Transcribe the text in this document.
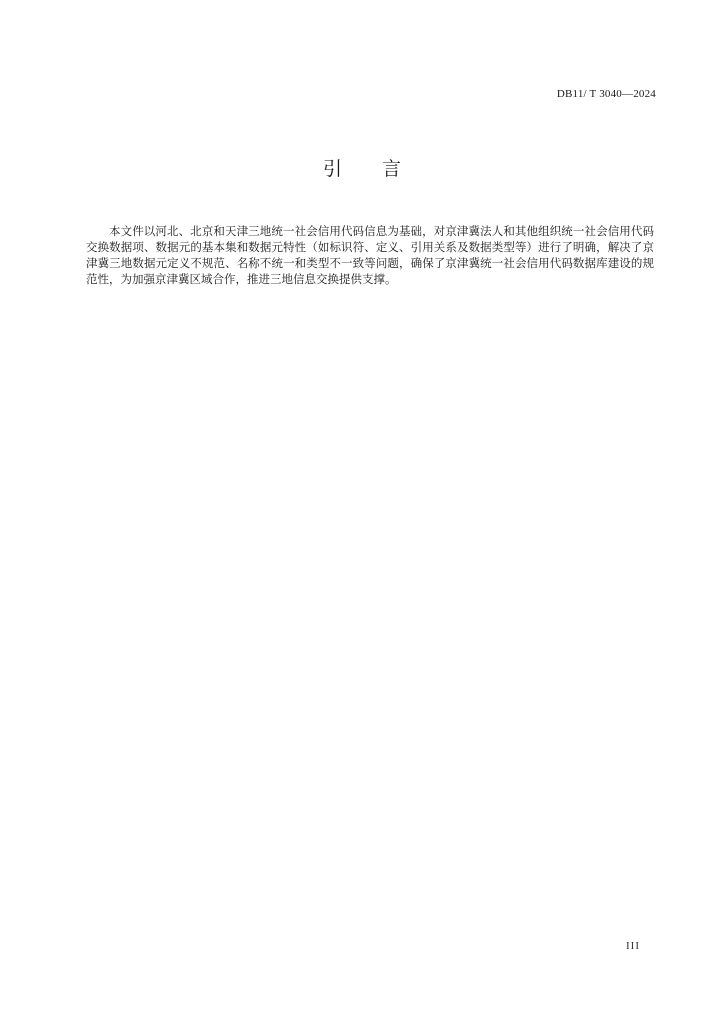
DB11/ T 3040—2024
引言

本文件以河北、北京和天津三地统一社会信用代码信息为基础，对京津冀法人和其他组织统一社会信用代码交换数据项、数据元的基本集和数据元特性（如标识符、定义、引用关系及数据类型等）进行了明确，解决了京津冀三地数据元定义不规范、名称不统一和类型不一致等问题，确保了京津冀统一社会信用代码数据库建设的规范性，为加强京津冀区域合作，推进三地信息交换提供支撑。

III
